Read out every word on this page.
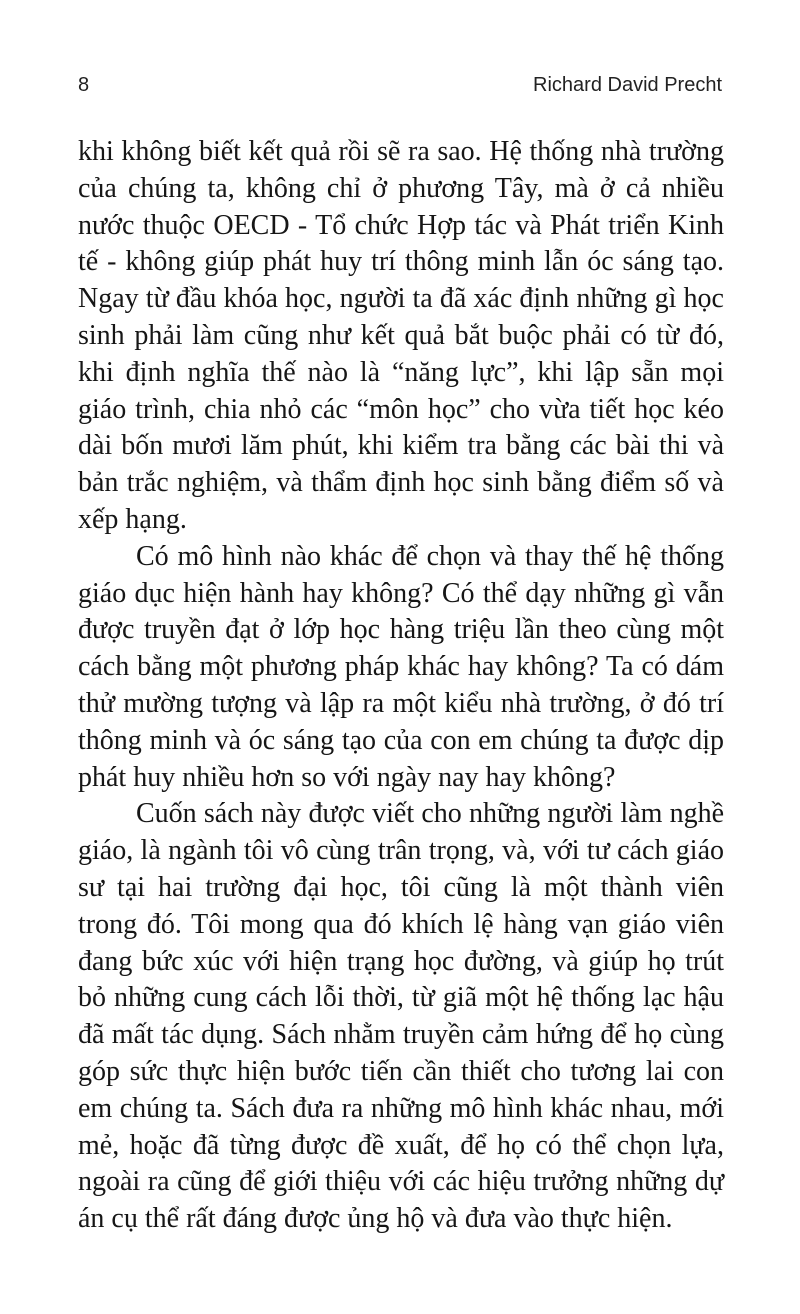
8	Richard David Precht

khi không biết kết quả rồi sẽ ra sao. Hệ thống nhà trường của chúng ta, không chỉ ở phương Tây, mà ở cả nhiều nước thuộc OECD - Tổ chức Hợp tác và Phát triển Kinh tế - không giúp phát huy trí thông minh lẫn óc sáng tạo. Ngay từ đầu khóa học, người ta đã xác định những gì học sinh phải làm cũng như kết quả bắt buộc phải có từ đó, khi định nghĩa thế nào là “năng lực”, khi lập sẵn mọi giáo trình, chia nhỏ các “môn học” cho vừa tiết học kéo dài bốn mươi lăm phút, khi kiểm tra bằng các bài thi và bản trắc nghiệm, và thẩm định học sinh bằng điểm số và xếp hạng.

Có mô hình nào khác để chọn và thay thế hệ thống giáo dục hiện hành hay không? Có thể dạy những gì vẫn được truyền đạt ở lớp học hàng triệu lần theo cùng một cách bằng một phương pháp khác hay không? Ta có dám thử mường tượng và lập ra một kiểu nhà trường, ở đó trí thông minh và óc sáng tạo của con em chúng ta được dịp phát huy nhiều hơn so với ngày nay hay không?

Cuốn sách này được viết cho những người làm nghề giáo, là ngành tôi vô cùng trân trọng, và, với tư cách giáo sư tại hai trường đại học, tôi cũng là một thành viên trong đó. Tôi mong qua đó khích lệ hàng vạn giáo viên đang bức xúc với hiện trạng học đường, và giúp họ trút bỏ những cung cách lỗi thời, từ giã một hệ thống lạc hậu đã mất tác dụng. Sách nhằm truyền cảm hứng để họ cùng góp sức thực hiện bước tiến cần thiết cho tương lai con em chúng ta. Sách đưa ra những mô hình khác nhau, mới mẻ, hoặc đã từng được đề xuất, để họ có thể chọn lựa, ngoài ra cũng để giới thiệu với các hiệu trưởng những dự án cụ thể rất đáng được ủng hộ và đưa vào thực hiện.
